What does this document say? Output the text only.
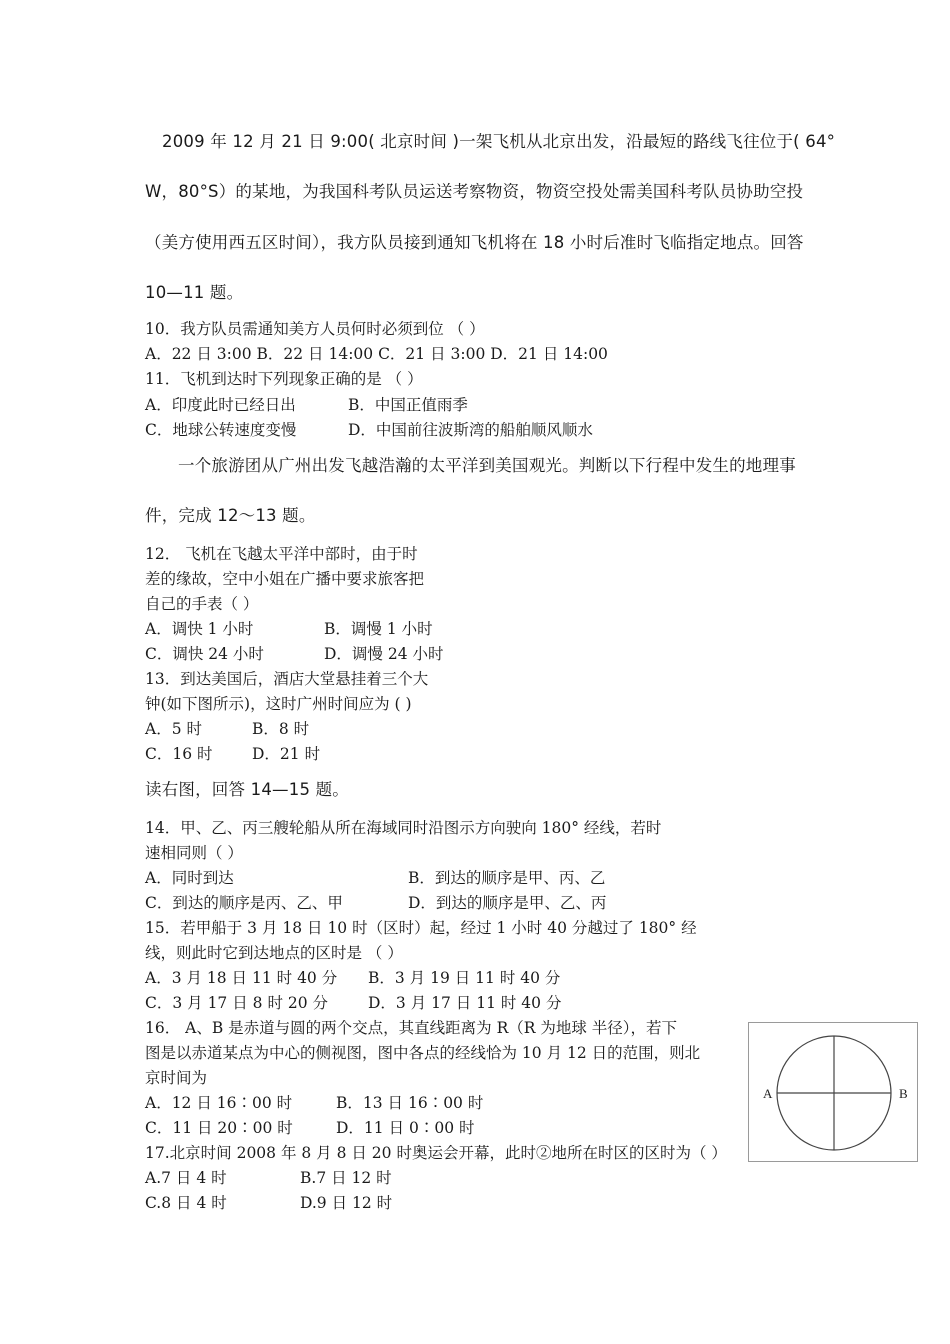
2009 年 12 月 21 日 9:00( 北京时间 )一架飞机从北京出发，沿最短的路线飞往位于( 64°
W，80°S）的某地，为我国科考队员运送考察物资，物资空投处需美国科考队员协助空投
（美方使用西五区时间），我方队员接到通知飞机将在 18 小时后准时飞临指定地点。回答
10—11 题。
10．我方队员需通知美方人员何时必须到位 （ ）
A．22 日 3:00 B．22 日 14:00 C．21 日 3:00 D．21 日 14:00
11．飞机到达时下列现象正确的是 （ ）
A．印度此时已经日出	B．中国正值雨季
C．地球公转速度变慢	D．中国前往波斯湾的船舶顺风顺水
一个旅游团从广州出发飞越浩瀚的太平洋到美国观光。判断以下行程中发生的地理事
件，完成 12～13 题。
12． 飞机在飞越太平洋中部时，由于时
差的缘故，空中小姐在广播中要求旅客把
自己的手表（ ）
A．调快 1 小时	B．调慢 1 小时
C．调快 24 小时	D．调慢 24 小时
13．到达美国后，酒店大堂悬挂着三个大
钟(如下图所示)，这时广州时间应为 ( )
A．5 时	B．8 时
C．16 时	D．21 时
读右图，回答 14—15 题。
14．甲、乙、丙三艘轮船从所在海域同时沿图示方向驶向 180° 经线，若时
速相同则（ ）
A．同时到达	B．到达的顺序是甲、丙、乙
C．到达的顺序是丙、乙、甲	D．到达的顺序是甲、乙、丙
15．若甲船于 3 月 18 日 10 时（区时）起，经过 1 小时 40 分越过了 180° 经
线，则此时它到达地点的区时是 （ ）
A．3 月 18 日 11 时 40 分 B．3 月 19 日 11 时 40 分
C．3 月 17 日 8 时 20 分	D．3 月 17 日 11 时 40 分
16． A、B 是赤道与圆的两个交点，其直线距离为 R（R 为地球 半径），若下
图是以赤道某点为中心的侧视图，图中各点的经线恰为 10 月 12 日的范围，则北
京时间为
A．12 日 16∶00 时	B．13 日 16∶00 时
C．11 日 20∶00 时	D．11 日 0∶00 时
17.北京时间 2008 年 8 月 8 日 20 时奥运会开幕，此时②地所在时区的区时为（ ）
A.7 日 4 时	B.7 日 12 时
C.8 日 4 时	D.9 日 12 时
A	B
